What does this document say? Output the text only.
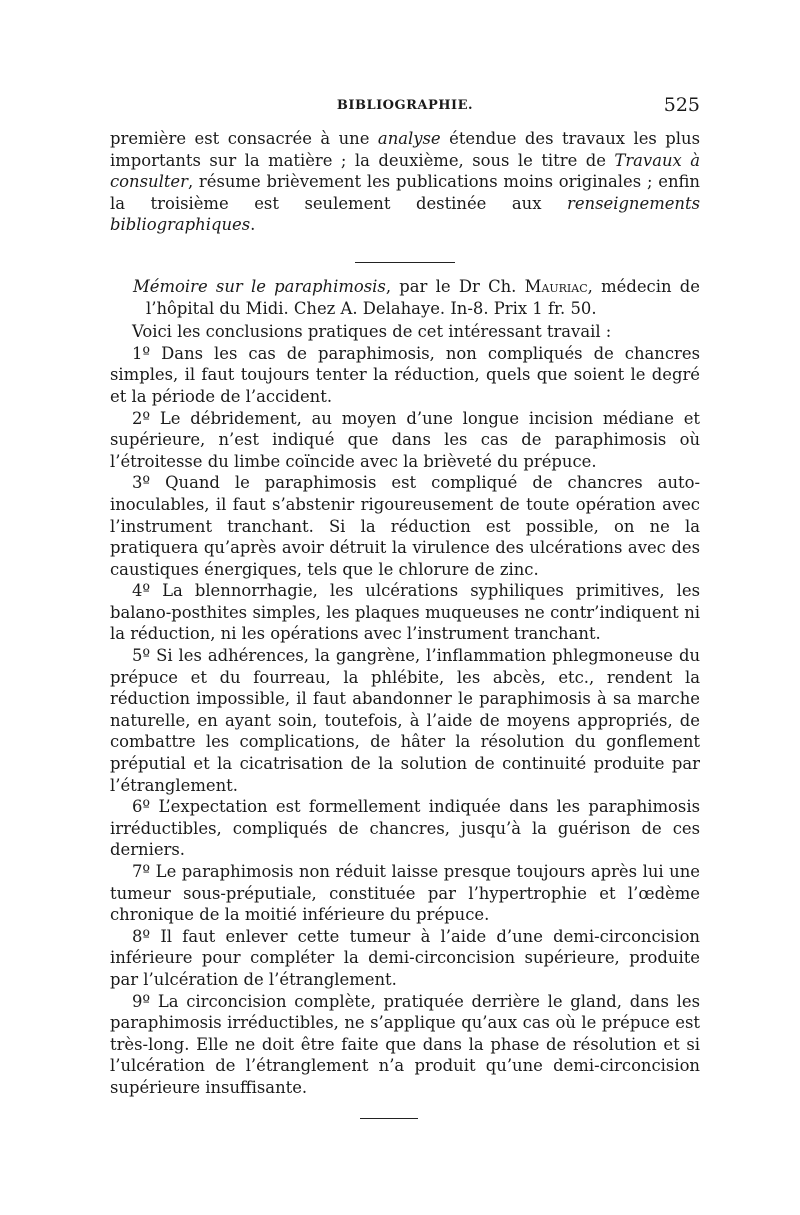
BIBLIOGRAPHIE.	525

première est consacrée à une analyse étendue des travaux les plus importants sur la matière ; la deuxième, sous le titre de Travaux à consulter, résume brièvement les publications moins originales ; enfin la troisième est seulement destinée aux renseignements bibliographiques.

Mémoire sur le paraphimosis, par le Dr Ch. Mauriac, médecin de l’hôpital du Midi. Chez A. Delahaye. In-8. Prix 1 fr. 50.

Voici les conclusions pratiques de cet intéressant travail :

1º Dans les cas de paraphimosis, non compliqués de chancres simples, il faut toujours tenter la réduction, quels que soient le degré et la période de l’accident.

2º Le débridement, au moyen d’une longue incision médiane et supérieure, n’est indiqué que dans les cas de paraphimosis où l’étroitesse du limbe coïncide avec la brièveté du prépuce.

3º Quand le paraphimosis est compliqué de chancres auto-inoculables, il faut s’abstenir rigoureusement de toute opération avec l’instrument tranchant. Si la réduction est possible, on ne la pratiquera qu’après avoir détruit la virulence des ulcérations avec des caustiques énergiques, tels que le chlorure de zinc.

4º La blennorrhagie, les ulcérations syphiliques primitives, les balano-posthites simples, les plaques muqueuses ne contr’indiquent ni la réduction, ni les opérations avec l’instrument tranchant.

5º Si les adhérences, la gangrène, l’inflammation phlegmoneuse du prépuce et du fourreau, la phlébite, les abcès, etc., rendent la réduction impossible, il faut abandonner le paraphimosis à sa marche naturelle, en ayant soin, toutefois, à l’aide de moyens appropriés, de combattre les complications, de hâter la résolution du gonflement préputial et la cicatrisation de la solution de continuité produite par l’étranglement.

6º L’expectation est formellement indiquée dans les paraphimosis irréductibles, compliqués de chancres, jusqu’à la guérison de ces derniers.

7º Le paraphimosis non réduit laisse presque toujours après lui une tumeur sous-préputiale, constituée par l’hypertrophie et l’œdème chronique de la moitié inférieure du prépuce.

8º Il faut enlever cette tumeur à l’aide d’une demi-circoncision inférieure pour compléter la demi-circoncision supérieure, produite par l’ulcération de l’étranglement.

9º La circoncision complète, pratiquée derrière le gland, dans les paraphimosis irréductibles, ne s’applique qu’aux cas où le prépuce est très-long. Elle ne doit être faite que dans la phase de résolution et si l’ulcération de l’étranglement n’a produit qu’une demi-circoncision supérieure insuffisante.
